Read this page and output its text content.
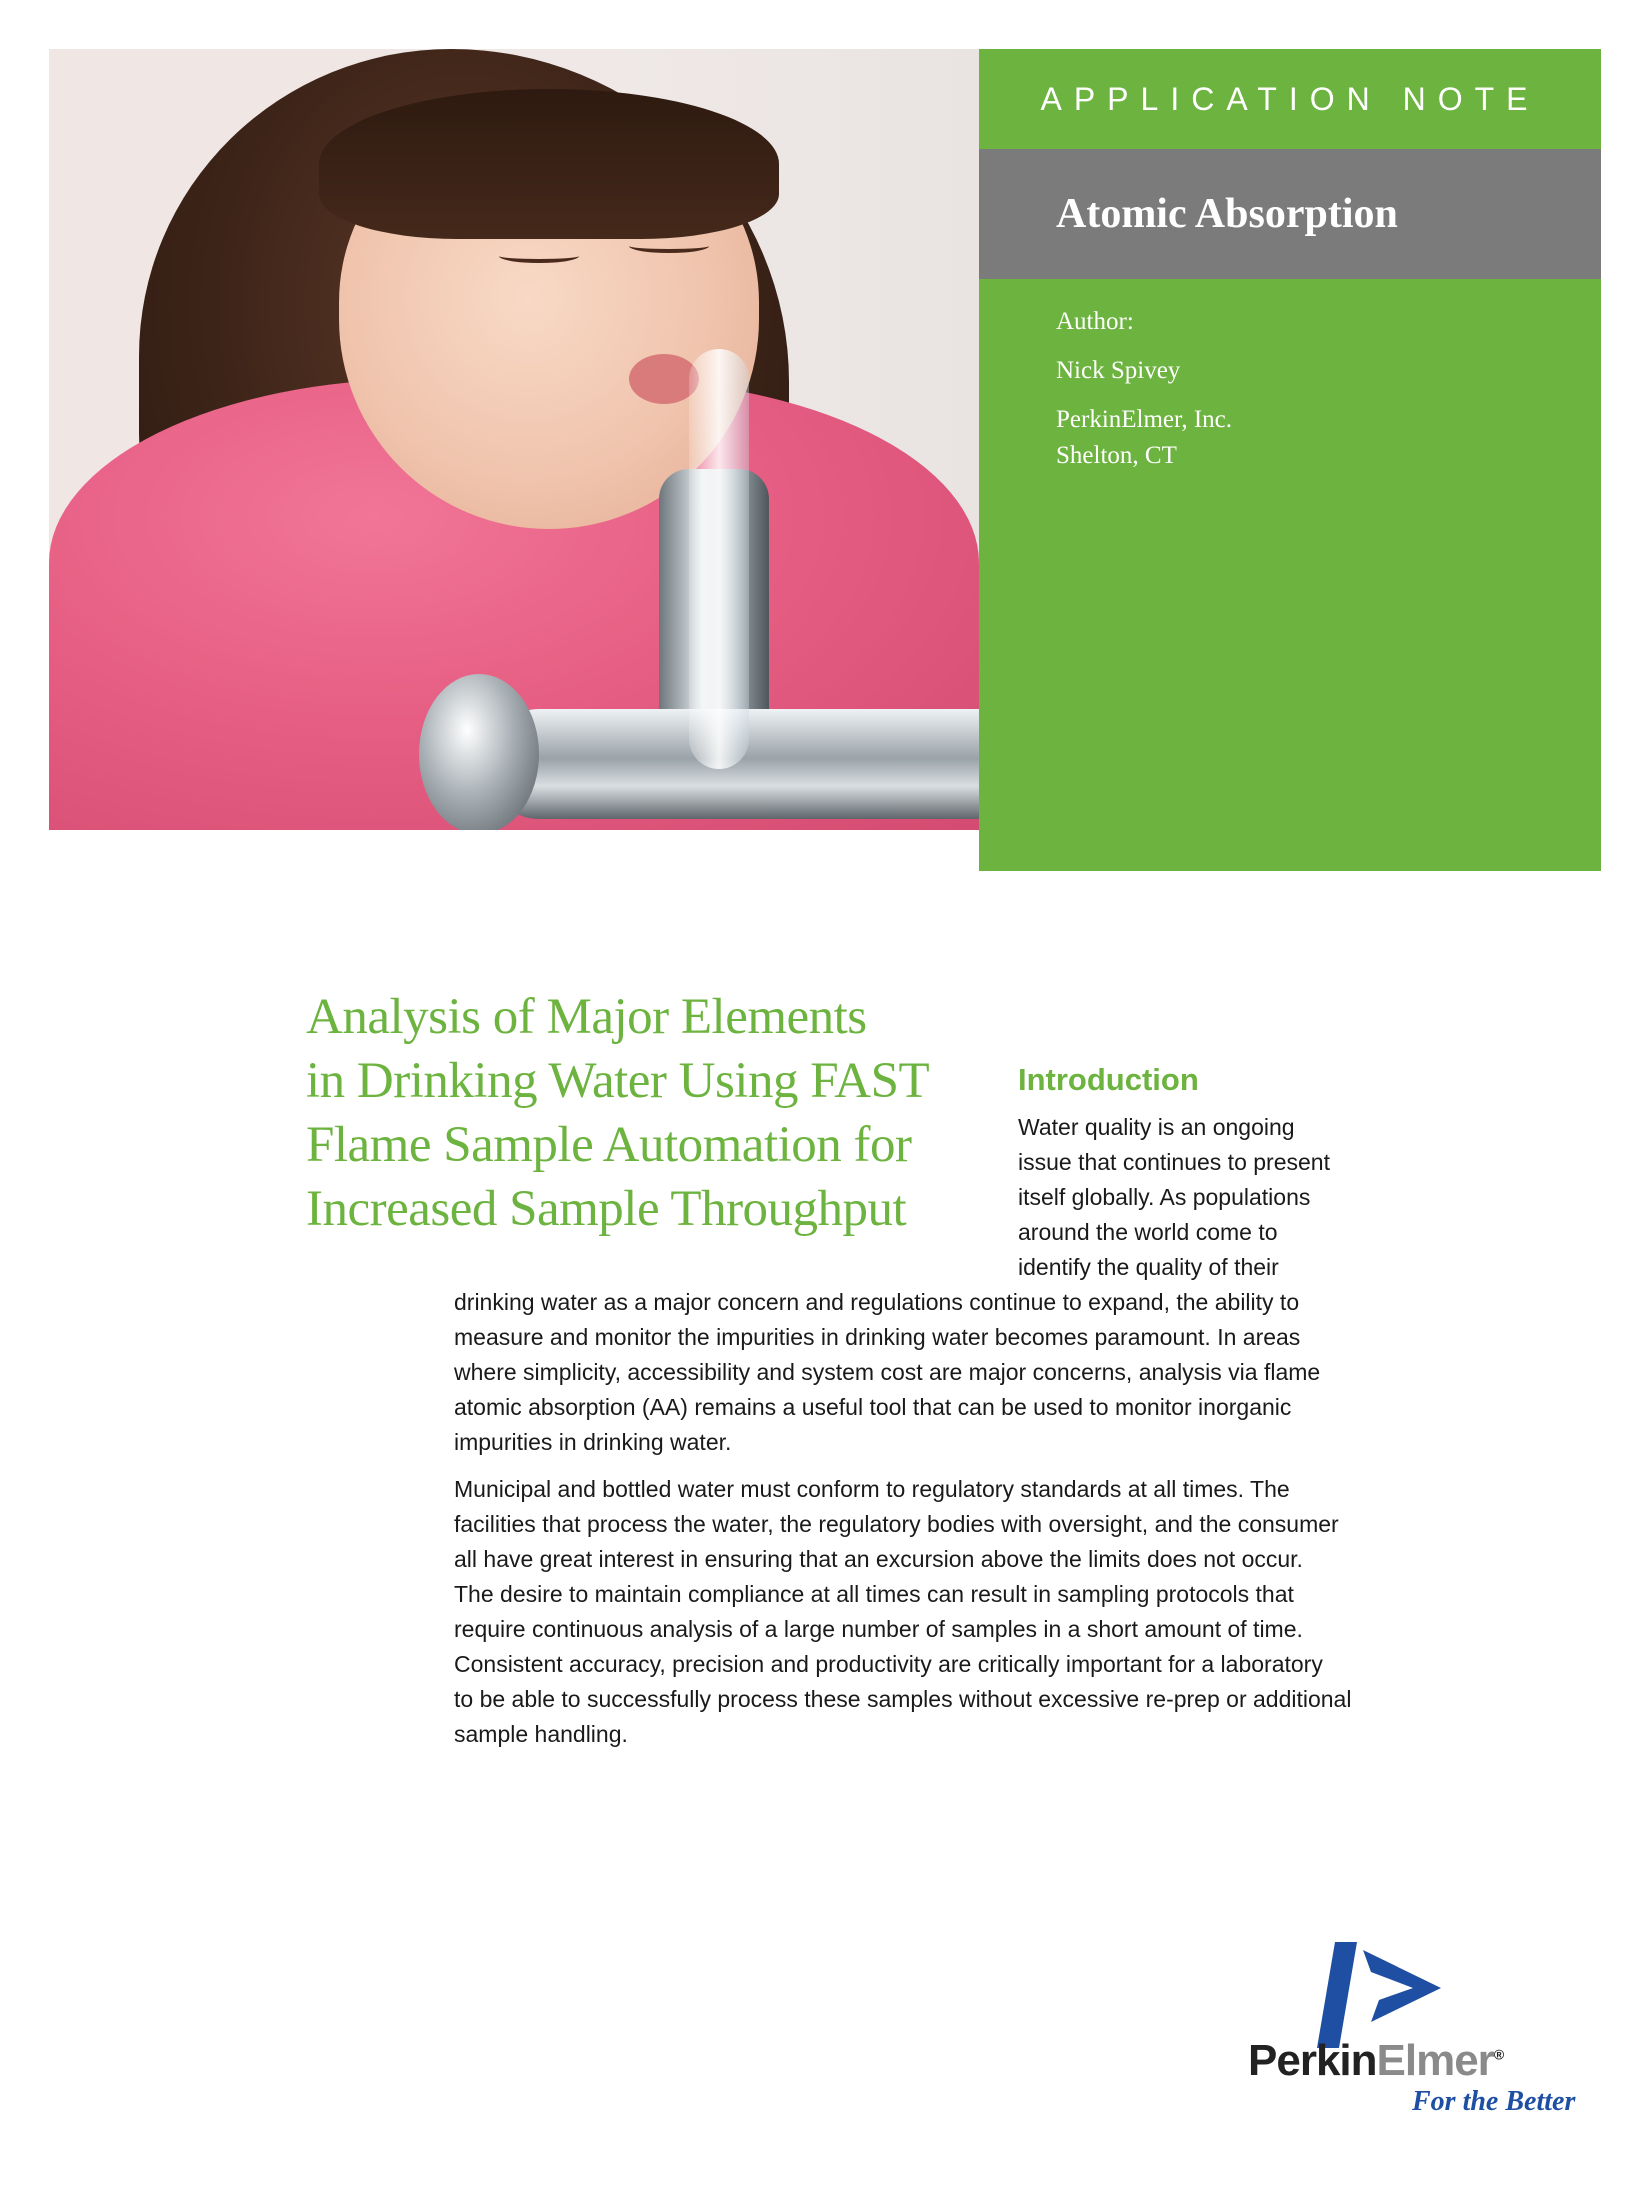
APPLICATION NOTE
Atomic Absorption
Author:
Nick Spivey
PerkinElmer, Inc.
Shelton, CT
Analysis of Major Elements
in Drinking Water Using FAST
Flame Sample Automation for
Increased Sample Throughput
Introduction
Water quality is an ongoing
issue that continues to present
itself globally. As populations
around the world come to
identify the quality of their
drinking water as a major concern and regulations continue to expand, the ability to
measure and monitor the impurities in drinking water becomes paramount. In areas
where simplicity, accessibility and system cost are major concerns, analysis via flame
atomic absorption (AA) remains a useful tool that can be used to monitor inorganic
impurities in drinking water.
Municipal and bottled water must conform to regulatory standards at all times. The
facilities that process the water, the regulatory bodies with oversight, and the consumer
all have great interest in ensuring that an excursion above the limits does not occur.
The desire to maintain compliance at all times can result in sampling protocols that
require continuous analysis of a large number of samples in a short amount of time.
Consistent accuracy, precision and productivity are critically important for a laboratory
to be able to successfully process these samples without excessive re-prep or additional
sample handling.
PerkinElmer®
For the Better
